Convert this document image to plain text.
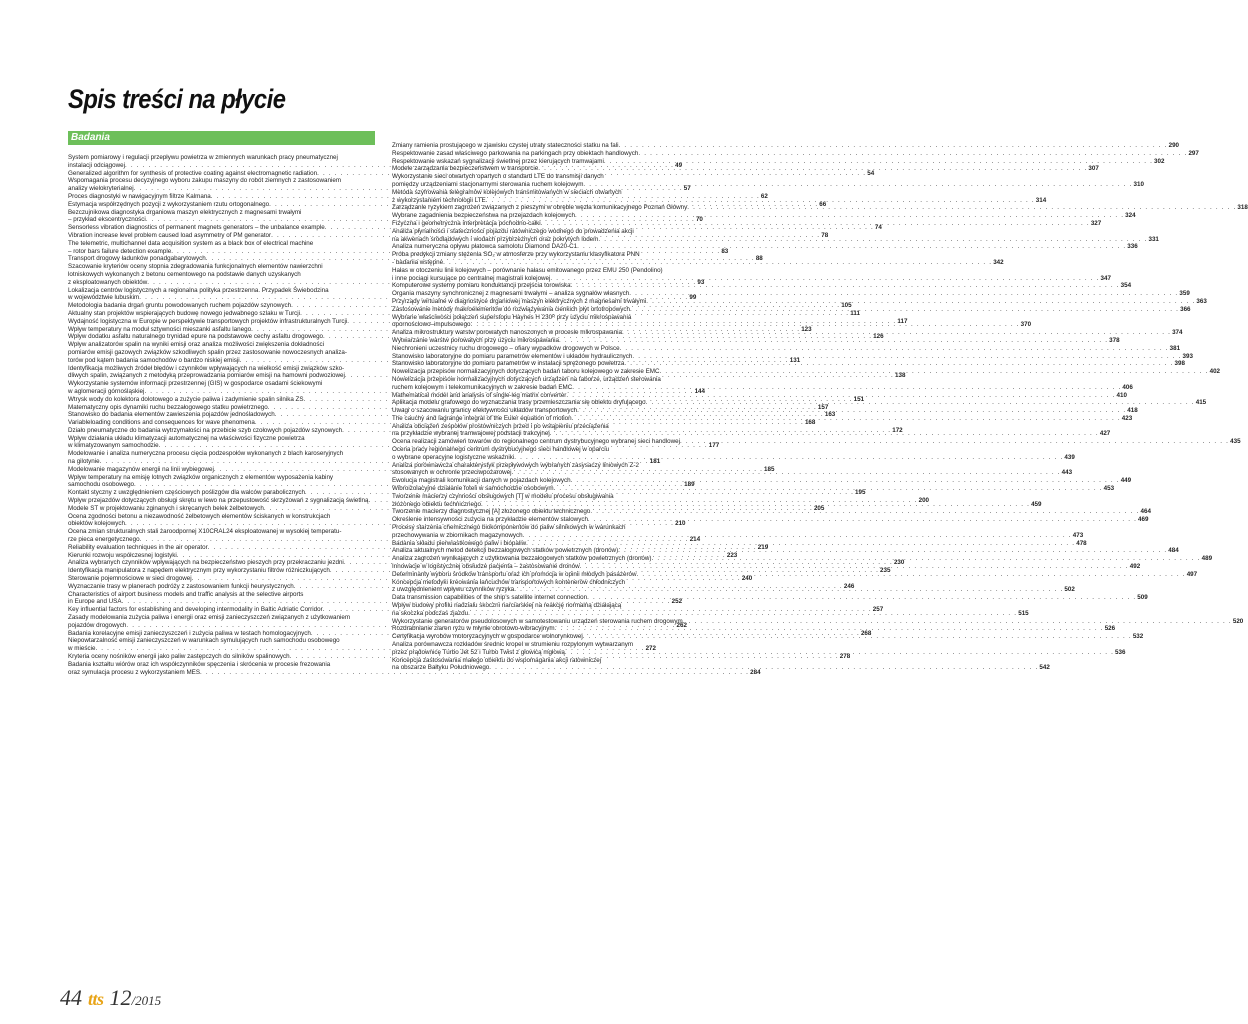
Spis treści na płycie
Badania
System pomiarowy i regulacji przepływu powietrza w zmiennych warunkach pracy pneumatycznej
instalacji odciągowej . . .	49
Generalized algorithm for synthesis of protective coating against electromagnetic radiation . . .	54
Wspomagania procesu decyzyjnego wyboru zakupu maszyny do robót ziemnych z zastosowaniem
analizy wielokryterialnej . . .	57
Proces diagnostyki w nawigacyjnym filtrze Kalmana . . .	62
Estymacja współrzędnych pozycji z wykorzystaniem rzutu ortogonalnego . . .	66
Bezczujnikowa diagnostyka drganiowa maszyn elektrycznych z magnesami trwałymi
– przykład ekscentryczności . . .	70
Sensorless vibration diagnostics of permanent magnets generators – the unbalance example . . .	74
Vibration increase level problem caused load asymmetry of PM generator . . .	78
The telemetric, multichannel data acquisition system as a black box of electrical machine
– rotor bars failure detection example . . .	83
Transport drogowy ładunków ponadgabarytowych . . .	88
Szacowanie kryteriów oceny stopnia zdegradowania funkcjonalnych elementów nawierzchni
lotniskowych wykonanych z betonu cementowego na podstawie danych uzyskanych
z eksploatowanych obiektów . . .	93
Lokalizacja centrów logistycznych a regionalna polityka przestrzenna. Przypadek Świebodzina
w województwie lubuskim . . .	99
Metodologia badania drgań gruntu powodowanych ruchem pojazdów szynowych . . .	105
Aktualny stan projektów wspierających budowę nowego jedwabnego szlaku w Turcji . . .	111
Wydajność logistyczna w Europie w perspektywie transportowych projektów infrastrukturalnych Turcji . . .	117
Wpływ temperatury na moduł sztywności mieszanki asfaltu lanego . . .	123
Wpływ dodatku asfaltu naturalnego trynidad epure na podstawowe cechy asfaltu drogowego . . .	126
Wpływ analizatorów spalin na wyniki emisji oraz analiza możliwości zwiększenia dokładności
pomiarów emisji gazowych związków szkodliwych spalin przez zastosowanie nowoczesnych analiza-
torów pod kątem badania samochodów o bardzo niskiej emisji . . .	131
Identyfikacja możliwych źródeł błędów i czynników wpływających na wielkość emisji związków szko-
dliwych spalin, związanych z metodyką przeprowadzania pomiarów emisji na hamowni podwoziowej . . .	138
Wykorzystanie systemów informacji przestrzennej (GIS) w gospodarce osadami ściekowymi
w aglomeracji górnośląskiej . . .	144
Wtrysk wody do kolektora dolotowego a zużycie paliwa i zadymienie spalin silnika ZS . . .	151
Matematyczny opis dynamiki ruchu bezzałogowego statku powietrznego . . .	157
Stanowisko do badania elementów zawieszenia pojazdów jednośladowych . . .	163
Variableloading conditions and consequences for wave phenomena . . .	168
Działo pneumatyczne do badania wytrzymałości na przebicie szyb czołowych pojazdów szynowych . . .	172
Wpływ działania układu klimatyzacji automatycznej na właściwości fizyczne powietrza
w klimatyzowanym samochodzie . . .	177
Modelowanie i analiza numeryczna procesu cięcia podzespołów wykonanych z blach karoseryjnych
na gilotynie . . .	181
Modelowanie magazynów energii na linii wybiegowej . . .	185
Wpływ temperatury na emisję lotnych związków organicznych z elementów wyposażenia kabiny
samochodu osobowego . . .	189
Kontakt styczny z uwzględnieniem częściowych poślizgów dla walców parabolicznych . . .	195
Wpływ przejazdów dotyczących obsługi skrętu w lewo na przepustowość skrzyżowań z sygnalizacją świetlną . . .	200
Modele ST w projektowaniu zginanych i skręcanych belek żelbetowych . . .	205
Ocena zgodności betonu a niezawodność żelbetowych elementów ściskanych w konstrukcjach
obiektów kolejowych . . .	210
Ocena zmian strukturalnych stali żaroodpornej X10CRAL24 eksploatowanej w wysokiej temperatu-
rze pieca energetycznego . . .	214
Reliability evaluation techniques in the air operator . . .	219
Kierunki rozwoju współczesnej logistyki . . .	223
Analiza wybranych czynników wpływających na bezpieczeństwo pieszych przy przekraczaniu jezdni . . .	230
Identyfikacja manipulatora z napędem elektrycznym przy wykorzystaniu filtrów różniczkujących . . .	235
Sterowanie pojemnościowe w sieci drogowej . . .	240
Wyznaczanie trasy w planerach podróży z zastosowaniem funkcji heurystycznych . . .	246
Characteristics of airport business models and traffic analysis at the selective airports
in Europe and USA . . .	252
Key influential factors for establishing and developing intermodality in Baltic Adriatic Corridor . . .	257
Zasady modelowania zużycia paliwa i energii oraz emisji zanieczyszczeń związanych z użytkowaniem
pojazdów drogowych . . .	262
Badania korelacyjne emisji zanieczyszczeń i zużycia paliwa w testach homologacyjnych . . .	268
Niepowtarzalność emisji zanieczyszczeń w warunkach symulujących ruch samochodu osobowego
w mieście . . .	272
Kryteria oceny nośników energii jako paliw zastępczych do silników spalinowych . . .	278
Badania kształtu wiórów oraz ich współczynników spęczenia i skrócenia w procesie frezowania
oraz symulacja procesu z wykorzystaniem MES . . .	284
Zmiany ramienia prostującego w zjawisku czystej utraty stateczności statku na fali . . .	290
Respektowanie zasad właściwego parkowania na parkingach przy obiektach handlowych . . .	297
Respektowanie wskazań sygnalizacji świetlnej przez kierujących tramwajami . . .	302
Modele zarządzania bezpieczeństwem w transporcie . . .	307
Wykorzystanie sieci otwartych opartych o standard LTE do transmisji danych
pomiędzy urządzeniami stacjonarnymi sterowania ruchem kolejowym . . .	310
Metoda szyfrowania telegramów kolejowych transmitowanych w sieciach otwartych
z wykorzystaniem technologii LTE . . .	314
Zarządzanie ryzykiem zagrożeń związanych z pieszymi w obrębie węzła komunikacyjnego Poznań Główny . . .	318
Wybrane zagadnienia bezpieczeństwa na przejazdach kolejowych . . .	324
Fizyczna i geometryczna interpretacja pochodno-całki . . .	327
Analiza płynalności i stateczności pojazdu ratowniczego wodnego do prowadzenia akcji
na akwenach śródlądowych i wodach przybrzeżnych oraz pokrytych lodem . . .	331
Analiza numeryczna opływu płatowca samolotu Diamond DA20-C1 . . .	336
Próba predykcji zmiany stężenia SO₂ w atmosferze przy wykorzystaniu klasyfikatora PNN
- badania wstępne . . .	342
Hałas w otoczeniu linii kolejowych – porównanie hałasu emitowanego przez EMU 250 (Pendolino)
i inne pociągi kursujące po centralnej magistrali kolejowej . . .	347
Komputerowe systemy pomiaru konduktancji przejścia torowiska . . .	354
Organia maszyny synchronicznej z magnesami trwałymi – analiza sygnałów własnych . . .	359
Przyrządy wirtualne w diagnostyce drganiowej maszyn elektrycznych z magnesami trwałymi . . .	363
Zastosowanie metody makroelementów do rozwiązywania cienkich płyt ortotropowych . . .	366
Wybrane właściwości połączeń superstopu Haynes H 230ᴿ przy użyciu mikrospawania
opornościowo–impulsowego . . .	370
Analiza mikrostruktury warstw porowatych nanoszonych w procesie mikrospawania . . .	374
Wytwarzanie warstw porowatych przy użyciu mikrospawania . . .	378
Niechronieni uczestnicy ruchu drogowego – ofiary wypadków drogowych w Polsce . . .	381
Stanowisko laboratoryjne do pomiaru parametrów elementów i układów hydraulicznych . . .	393
Stanowisko laboratoryjne do pomiaru parametrów w instalacji sprężonego powietrza . . .	398
Nowelizacja przepisów normalizacyjnych dotyczących badań taboru kolejowego w zakresie EMC . . .	402
Nowelizacja przepisów normalizacyjnych dotyczących urządzeń na taborze, urządzeń sterowania
ruchem kolejowym i telekomunikacyjnych w zakresie badań EMC . . .	406
Mathematical model and analysis of single-leg matrix converter . . .	410
Aplikacja modelu grafowego do wyznaczania trasy przemieszczania się obiektu dryfującego . . .	415
Uwagi o szacowaniu granicy efektywności układów transportowych . . .	418
The cauchy and lagrange integral of the Euler equation of motion . . .	423
Analiza obciążeń zespołów prostowniczych przed i po wstąpieniu przeciążenia
na przykładzie wybranej tramwajowej podstacji trakcyjnej . . .	427
Ocena realizacji zamówień towarów do regionalnego centrum dystrybucyjnego wybranej sieci handlowej . . .	435
Ocena pracy regionalnego centrum dystrybucyjnego sieci handlowej w oparciu
o wybrane operacyjne logistyczne wskaźniki . . .	439
Analiza porównawcza charakterystyk przepływowych wybranych zasysaczy liniowych Z-2
stosowanych w ochronie przeciwpożarowej . . .	443
Ewolucja magistrali komunikacji danych w pojazdach kolejowych . . .	449
Wibroizolacyjne działanie foteli w samochodzie osobowym . . .	453
Tworzenie macierzy czynności obsługowych [T] w modelu procesu obsługiwania
złożonego obiektu technicznego . . .	459
Tworzenie macierzy diagnostycznej [A] złożonego obiektu technicznego . . .	464
Określenie intensywności zużycia na przykładzie elementów stalowych . . .	469
Procesy starzenia chemicznego biokomponentów do paliw silnikowych w warunkach
przechowywania w zbiornikach magazynowych . . .	473
Badania składu pierwiastkowego paliw i biopaliw . . .	478
Analiza aktualnych metod detekcji bezzałogowych statków powietrznych (dronów) . . .	484
Analiza zagrożeń wynikających z użytkowania bezzałogowych statków powietrznych (dronów) . . .	489
Innowacje w logistycznej obsłudze pacjenta – zastosowanie dronów . . .	492
Determinanty wyboru środków transportu oraz ich promocja w opinii młodych pasażerów . . .	497
Koncepcja metodyki kreowania łańcuchów transportowych kontenerów chłodniczych
z uwzględnieniem wpływu czynników ryzyka . . .	502
Data transmission capabilities of the ship’s satellite internet connection . . .	509
Wpływ budowy profilu nadzialu skoczni narciarskiej na reakcję normalną działającą
na skoczka podczas zjazdu . . .	515
Wykorzystanie generatorów pseudolosowych w samotestowaniu urządzeń sterowania ruchem drogowym . . .	520
Rozdrabnianie ziaren ryżu w młynie obrotowo-wibracyjnym . . .	526
Certyfikacja wyrobów motoryzacyjnych w gospodarce wolnorynkowej . . .	532
Analiza porównawcza rozkładów średnic kropel w strumieniu rozpylonym wytwarzanym
przez prądownicę Turbo Jet 52 i Turbo Twist z głowicą mgłową . . .	536
Koncepcja zastosowania małego obiektu do wspomagania akcji ratowniczej
na obszarze Bałtyku Południowego . . .	542
44 tts 12 /2015
